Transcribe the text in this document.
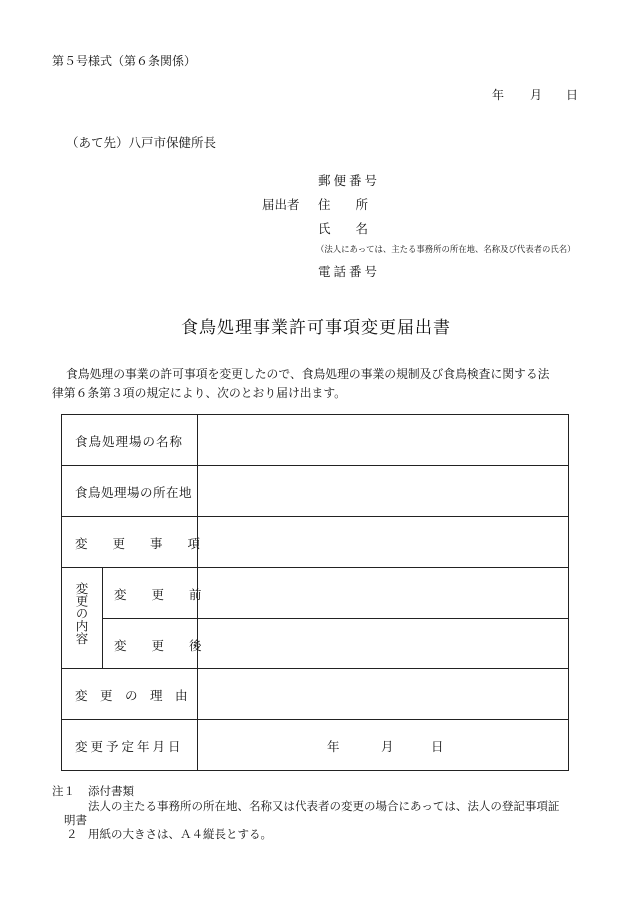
第５号様式（第６条関係）
年 月 日
（あて先）八戸市保健所長
郵便番号
届出者 住　　所
氏　　名
（法人にあっては、主たる事務所の所在地、名称及び代表者の氏名）
電話番号
食鳥処理事業許可事項変更届出書
食鳥処理の事業の許可事項を変更したので、食鳥処理の事業の規制及び食鳥検査に関する法
律第６条第３項の規定により、次のとおり届け出ます。
食鳥処理場の名称
食鳥処理場の所在地
変　　更　　事　　項
変更の内容 変　　更　　前
変　　更　　後
変　更　の　理　由
変更予定年月日	年	月	日
注１ 添付書類
法人の主たる事務所の所在地、名称又は代表者の変更の場合にあっては、法人の登記事項証
明書
２ 用紙の大きさは、Ａ４縦長とする。
